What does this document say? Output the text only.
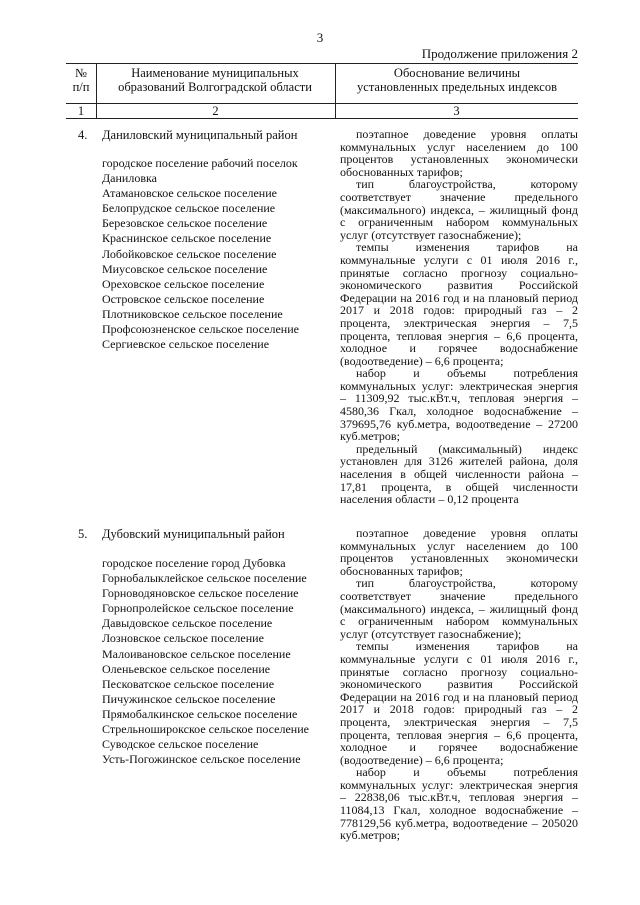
3
Продолжение приложения 2
№ п/п
Наименование муниципальных образований Волгоградской области
Обоснование величины установленных предельных индексов
1	2	3
4. Даниловский муниципальный район
городское поселение рабочий поселок Даниловка
Атамановское сельское поселение
Белопрудское сельское поселение
Березовское сельское поселение
Краснинское сельское поселение
Лобойковское сельское поселение
Миусовское сельское поселение
Ореховское сельское поселение
Островское сельское поселение
Плотниковское сельское поселение
Профсоюзненское сельское поселение
Сергиевское сельское поселение

поэтапное доведение уровня оплаты коммунальных услуг населением до 100 процентов установленных экономически обоснованных тарифов;

тип благоустройства, которому соответствует значение предельного (максимального) индекса, – жилищный фонд с ограниченным набором коммунальных услуг (отсутствует газоснабжение);

темпы изменения тарифов на коммунальные услуги с 01 июля 2016 г., принятые согласно прогнозу социально-экономического развития Российской Федерации на 2016 год и на плановый период 2017 и 2018 годов: природный газ – 2 процента, электрическая энергия – 7,5 процента, тепловая энергия – 6,6 процента, холодное и горячее водоснабжение (водоотведение) – 6,6 процента;

набор и объемы потребления коммунальных услуг: электрическая энергия – 11309,92 тыс.кВт.ч, тепловая энергия – 4580,36 Гкал, холодное водоснабжение – 379695,76 куб.метра, водоотведение – 27200 куб.метров;

предельный (максимальный) индекс установлен для 3126 жителей района, доля населения в общей численности района – 17,81 процента, в общей численности населения области – 0,12 процента

5. Дубовский муниципальный район
городское поселение город Дубовка
Горнобалыклейское сельское поселение
Горноводяновское сельское поселение
Горнопролейское сельское поселение
Давыдовское сельское поселение
Лозновское сельское поселение
Малоивановское сельское поселение
Оленьевское сельское поселение
Песковатское сельское поселение
Пичужинское сельское поселение
Прямобалкинское сельское поселение
Стрельноширокское сельское поселение
Суводское сельское поселение
Усть-Погожинское сельское поселение

поэтапное доведение уровня оплаты коммунальных услуг населением до 100 процентов установленных экономически обоснованных тарифов;

тип благоустройства, которому соответствует значение предельного (максимального) индекса, – жилищный фонд с ограниченным набором коммунальных услуг (отсутствует газоснабжение);

темпы изменения тарифов на коммунальные услуги с 01 июля 2016 г., принятые согласно прогнозу социально-экономического развития Российской Федерации на 2016 год и на плановый период 2017 и 2018 годов: природный газ – 2 процента, электрическая энергия – 7,5 процента, тепловая энергия – 6,6 процента, холодное и горячее водоснабжение (водоотведение) – 6,6 процента;

набор и объемы потребления коммунальных услуг: электрическая энергия – 22838,06 тыс.кВт.ч, тепловая энергия – 11084,13 Гкал, холодное водоснабжение – 778129,56 куб.метра, водоотведение – 205020 куб.метров;
